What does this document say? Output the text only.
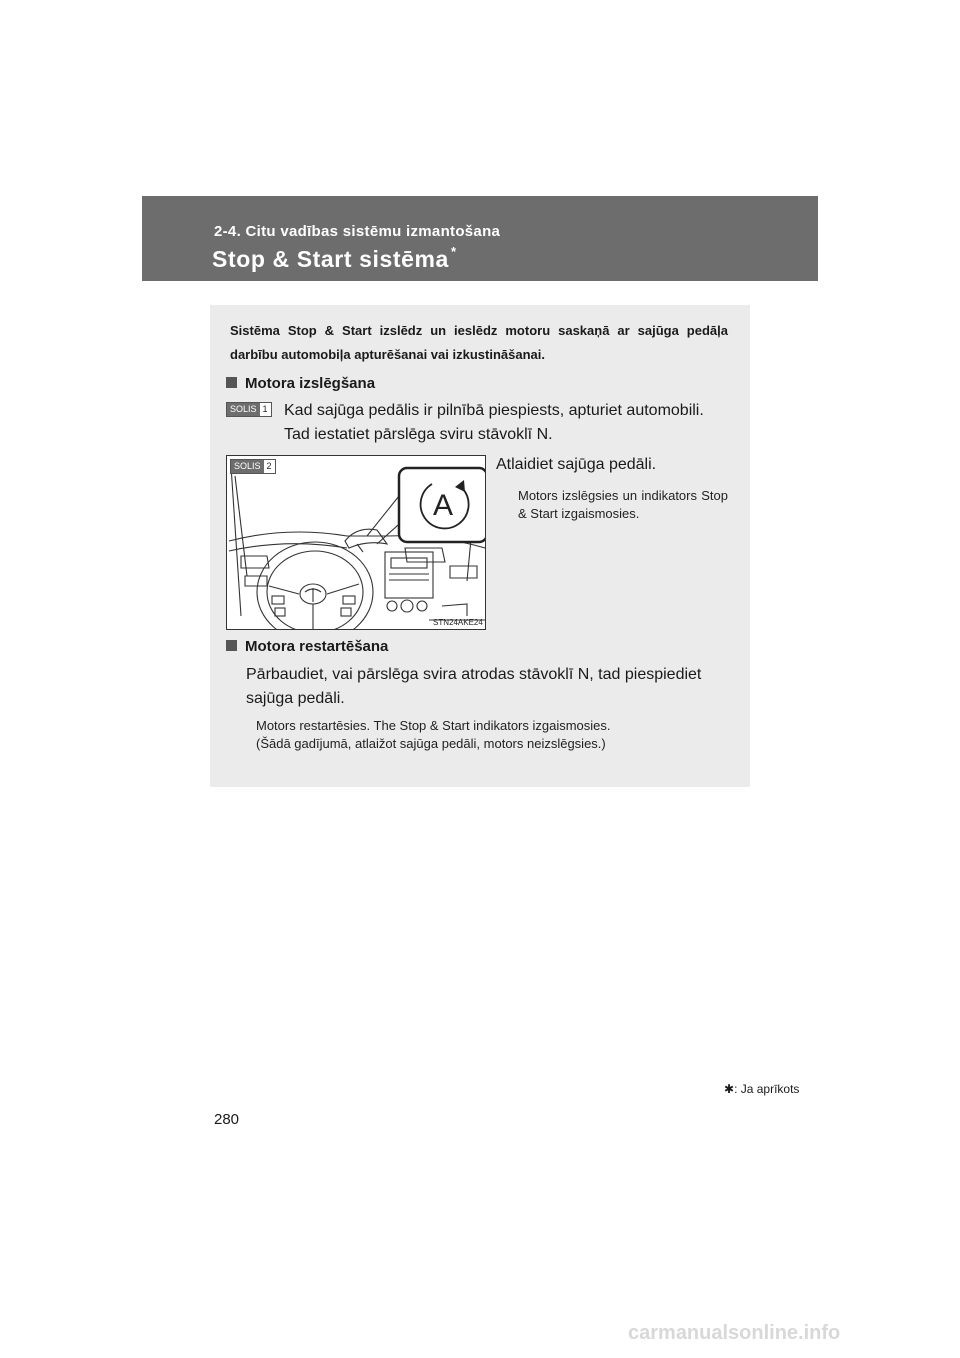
2-4. Citu vadības sistēmu izmantošana
Stop & Start sistēma *
Sistēma Stop & Start izslēdz un ieslēdz motoru saskaņā ar sajūga pedāļa darbību automobiļa apturēšanai vai izkustināšanai.
Motora izslēgšana
SOLIS 1 Kad sajūga pedālis ir pilnībā piespiests, apturiet automobili.
Tad iestatiet pārslēga sviru stāvoklī N.
SOLIS 2
A
STN24AKE24
Atlaidiet sajūga pedāli.
Motors izslēgsies un indikators Stop & Start izgaismosies.
Motora restartēšana
Pārbaudiet, vai pārslēga svira atrodas stāvoklī N, tad piespiediet sajūga pedāli.
Motors restartēsies. The Stop & Start indikators izgaismosies.
(Šādā gadījumā, atlaižot sajūga pedāli, motors neizslēgsies.)
✱: Ja aprīkots
280
carmanualsonline.info
